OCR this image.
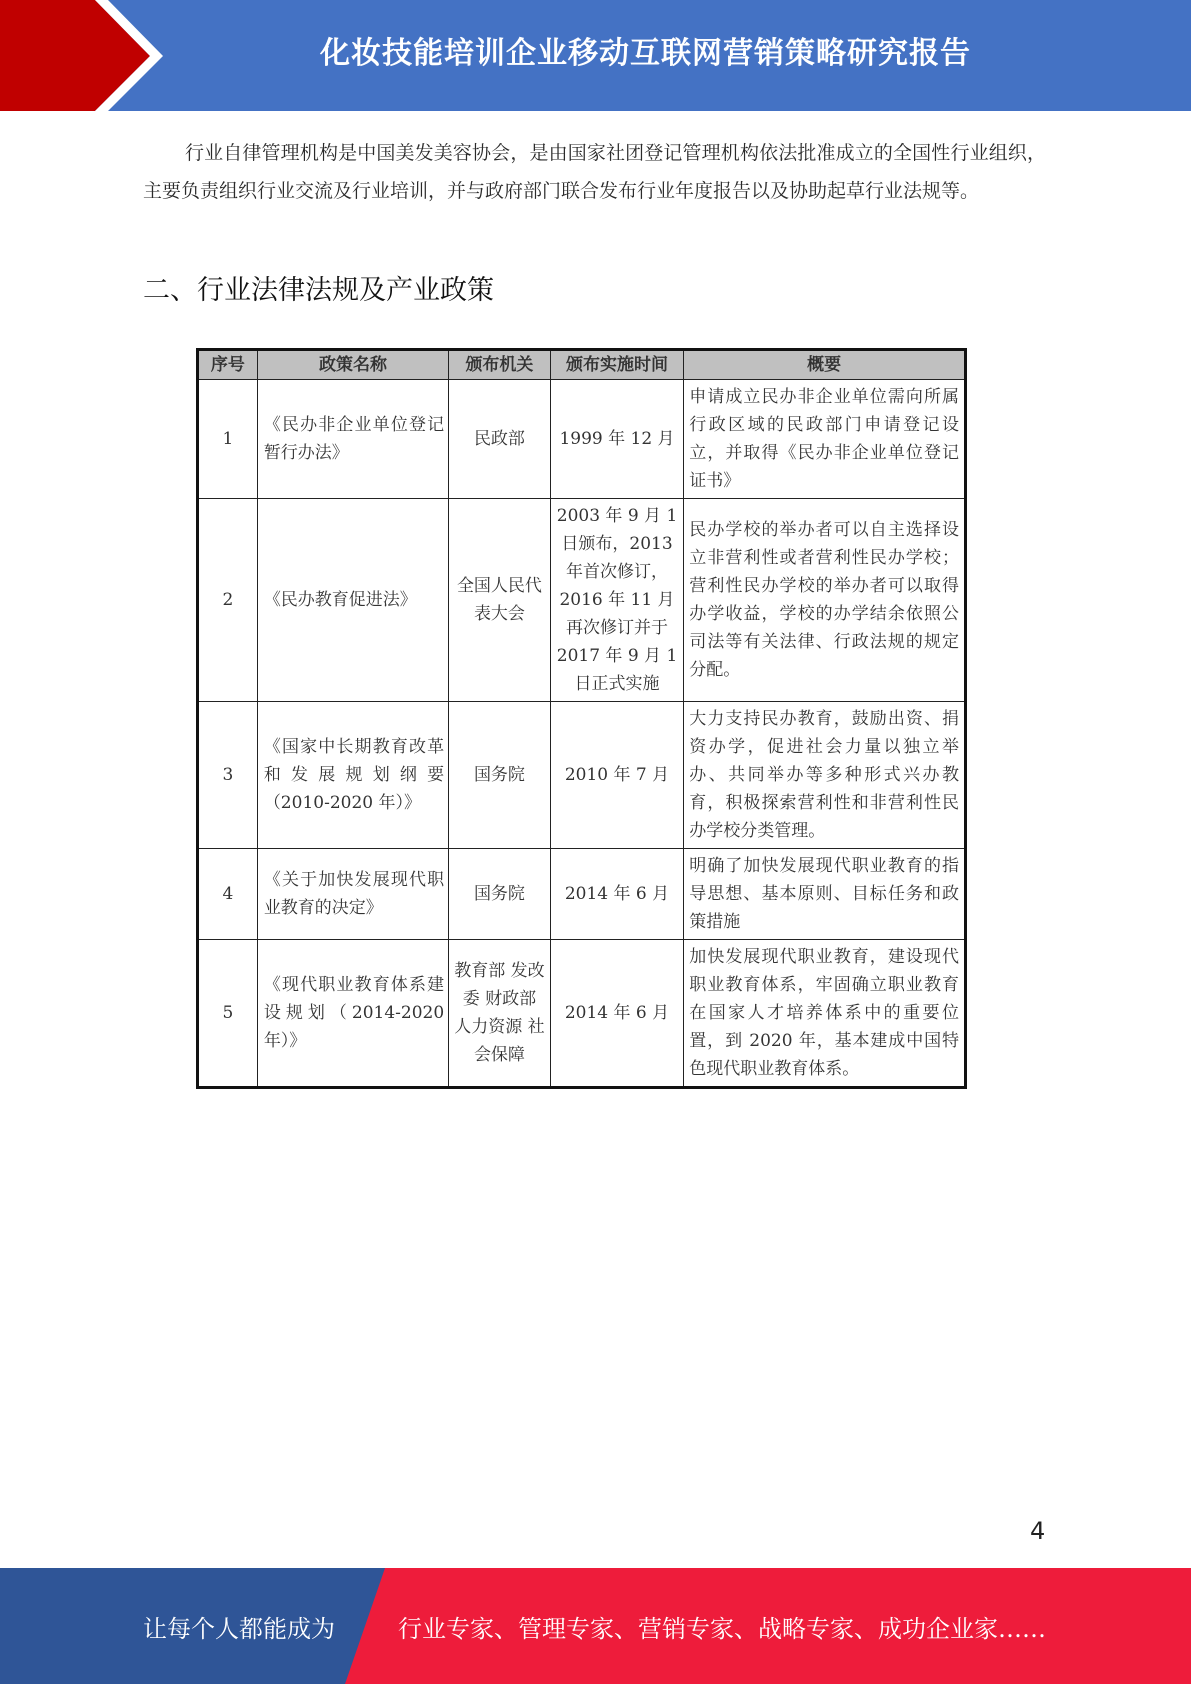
化妆技能培训企业移动互联网营销策略研究报告
行业自律管理机构是中国美发美容协会，是由国家社团登记管理机构依法批准成立的全国性行业组织，主要负责组织行业交流及行业培训，并与政府部门联合发布行业年度报告以及协助起草行业法规等。
二、行业法律法规及产业政策
序号	政策名称	颁布机关	颁布实施时间	概要
1	《民办非企业单位登记暂行办法》	民政部	1999 年 12 月	申请成立民办非企业单位需向所属行政区域的民政部门申请登记设立，并取得《民办非企业单位登记证书》
2	《民办教育促进法》	全国人民代表大会	2003 年 9 月 1 日颁布，2013 年首次修订，2016 年 11 月再次修订并于 2017 年 9 月 1 日正式实施	民办学校的举办者可以自主选择设立非营利性或者营利性民办学校；营利性民办学校的举办者可以取得办学收益，学校的办学结余依照公司法等有关法律、行政法规的规定分配。
3	《国家中长期教育改革和发展规划纲要（2010-2020 年）》	国务院	2010 年 7 月	大力支持民办教育，鼓励出资、捐资办学，促进社会力量以独立举办、共同举办等多种形式兴办教育，积极探索营利性和非营利性民办学校分类管理。
4	《关于加快发展现代职业教育的决定》	国务院	2014 年 6 月	明确了加快发展现代职业教育的指导思想、基本原则、目标任务和政策措施
5	《现代职业教育体系建设规划（2014-2020 年）》	教育部 发改委 财政部 人力资源 社会保障	2014 年 6 月	加快发展现代职业教育，建设现代职业教育体系，牢固确立职业教育在国家人才培养体系中的重要位置，到 2020 年，基本建成中国特色现代职业教育体系。
4
让每个人都能成为	行业专家、管理专家、营销专家、战略专家、成功企业家……
